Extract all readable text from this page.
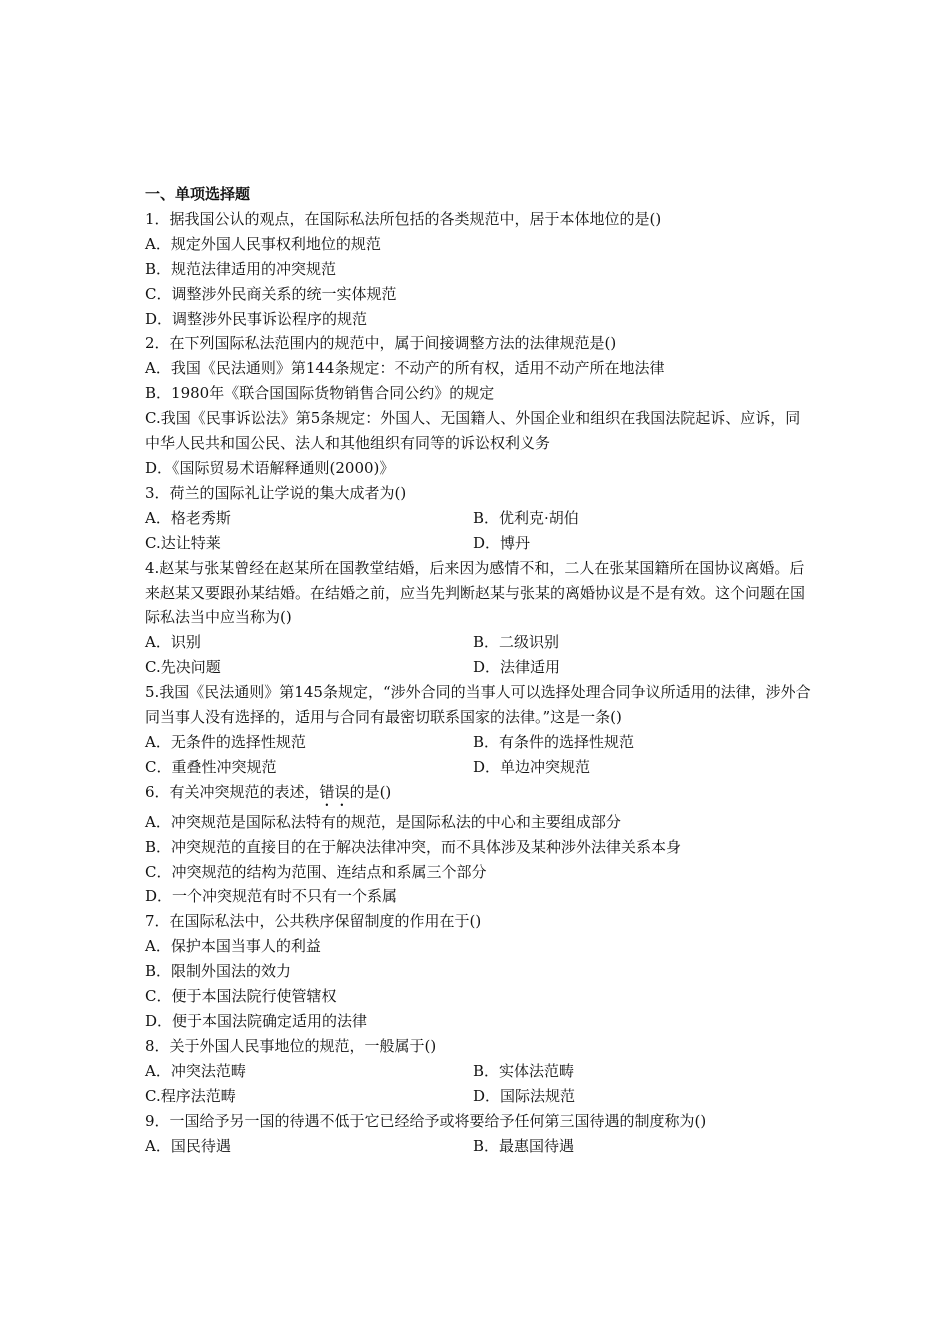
一、单项选择题
1．据我国公认的观点，在国际私法所包括的各类规范中，居于本体地位的是()
A．规定外国人民事权利地位的规范
B．规范法律适用的冲突规范
C．调整涉外民商关系的统一实体规范
D．调整涉外民事诉讼程序的规范
2．在下列国际私法范围内的规范中，属于间接调整方法的法律规范是()
A．我国《民法通则》第144条规定：不动产的所有权，适用不动产所在地法律
B．1980年《联合国国际货物销售合同公约》的规定
C.我国《民事诉讼法》第5条规定：外国人、无国籍人、外国企业和组织在我国法院起诉、应诉，同中华人民共和国公民、法人和其他组织有同等的诉讼权利义务
D．《国际贸易术语解释通则(2000)》
3．荷兰的国际礼让学说的集大成者为()
A．格老秀斯	B．优利克·胡伯
C.达让特莱	D．博丹
4.赵某与张某曾经在赵某所在国教堂结婚，后来因为感情不和，二人在张某国籍所在国协议离婚。后来赵某又要跟孙某结婚。在结婚之前，应当先判断赵某与张某的离婚协议是不是有效。这个问题在国际私法当中应当称为()
A．识别	B．二级识别
C.先决问题	D．法律适用
5.我国《民法通则》第145条规定，“涉外合同的当事人可以选择处理合同争议所适用的法律，涉外合同当事人没有选择的，适用与合同有最密切联系国家的法律。”这是一条()
A．无条件的选择性规范	B．有条件的选择性规范
C．重叠性冲突规范	D．单边冲突规范
6．有关冲突规范的表述，错误的是()
A．冲突规范是国际私法特有的规范，是国际私法的中心和主要组成部分
B．冲突规范的直接目的在于解决法律冲突，而不具体涉及某种涉外法律关系本身
C．冲突规范的结构为范围、连结点和系属三个部分
D．一个冲突规范有时不只有一个系属
7．在国际私法中，公共秩序保留制度的作用在于()
A．保护本国当事人的利益
B．限制外国法的效力
C．便于本国法院行使管辖权
D．便于本国法院确定适用的法律
8．关于外国人民事地位的规范，一般属于()
A．冲突法范畴	B．实体法范畴
C.程序法范畴	D．国际法规范
9．一国给予另一国的待遇不低于它已经给予或将要给予任何第三国待遇的制度称为()
A．国民待遇	B．最惠国待遇
